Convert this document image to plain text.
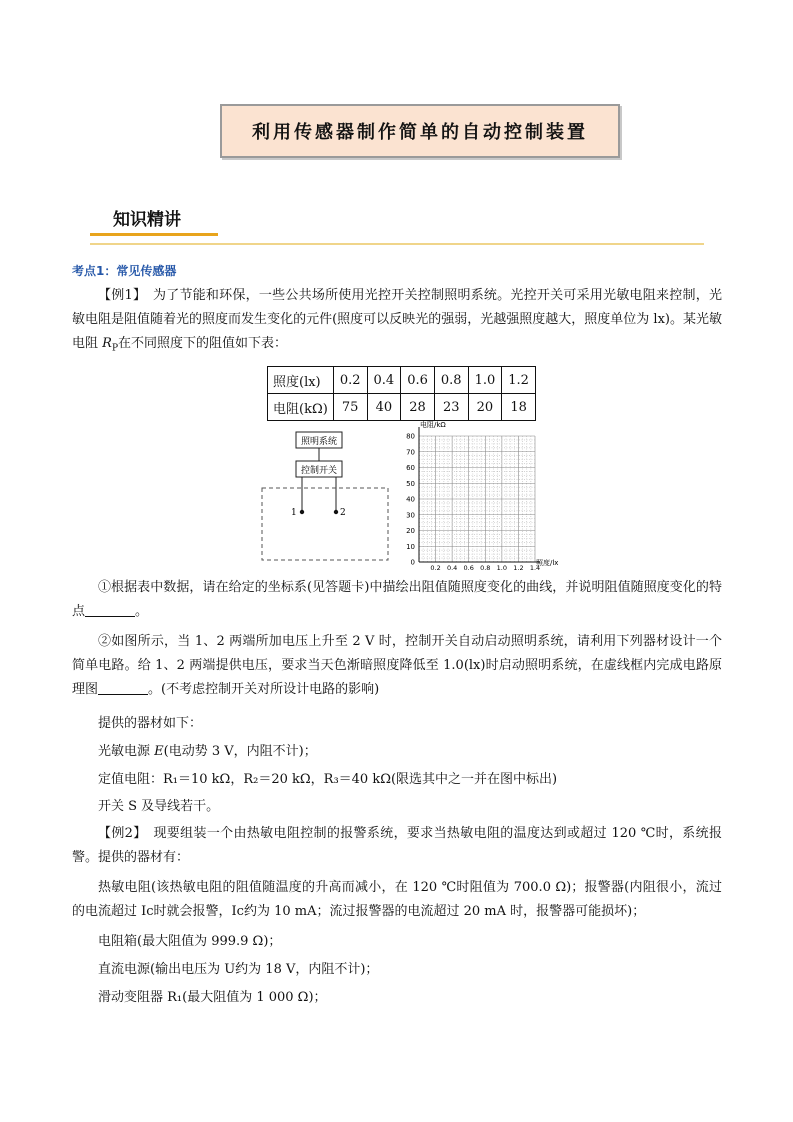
利用传感器制作简单的自动控制装置
知识精讲
考点1：常见传感器
【例1】　为了节能和环保，一些公共场所使用光控开关控制照明系统。光控开关可采用光敏电阻来控制，光敏电阻是阻值随着光的照度而发生变化的元件(照度可以反映光的强弱，光越强照度越大，照度单位为 lx)。某光敏电阻 $R_P$在不同照度下的阻值如下表：
照度(lx)	0.2	0.4	0.6	0.8	1.0	1.2
电阻(kΩ)	75	40	28	23	20	18
照明系统
控制开关
1	2
电阻/kΩ
照度/lx
80
70
60
50
40
30
20
10
0
0.2 0.4 0.6 0.8 1.0 1.2 1.4
①根据表中数据，请在给定的坐标系(见答题卡)中描绘出阻值随照度变化的曲线，并说明阻值随照度变化的特点	。
②如图所示，当 1、2 两端所加电压上升至 2 V 时，控制开关自动启动照明系统，请利用下列器材设计一个简单电路。给 1、2 两端提供电压，要求当天色渐暗照度降低至 1.0(lx)时启动照明系统，在虚线框内完成电路原理图	。(不考虑控制开关对所设计电路的影响)
提供的器材如下：
光敏电源 E(电动势 3 V，内阻不计)；
定值电阻：R₁＝10 kΩ，R₂＝20 kΩ，R₃＝40 kΩ(限选其中之一并在图中标出)
开关 S 及导线若干。
【例2】　现要组装一个由热敏电阻控制的报警系统，要求当热敏电阻的温度达到或超过 120 ℃时，系统报警。提供的器材有：
热敏电阻(该热敏电阻的阻值随温度的升高而减小，在 120 ℃时阻值为 700.0 Ω)；报警器(内阻很小，流过的电流超过 Ic时就会报警，Ic约为 10 mA；流过报警器的电流超过 20 mA 时，报警器可能损坏)；
电阻箱(最大阻值为 999.9 Ω)；
直流电源(输出电压为 U约为 18 V，内阻不计)；
滑动变阻器 R₁(最大阻值为 1 000 Ω)；
